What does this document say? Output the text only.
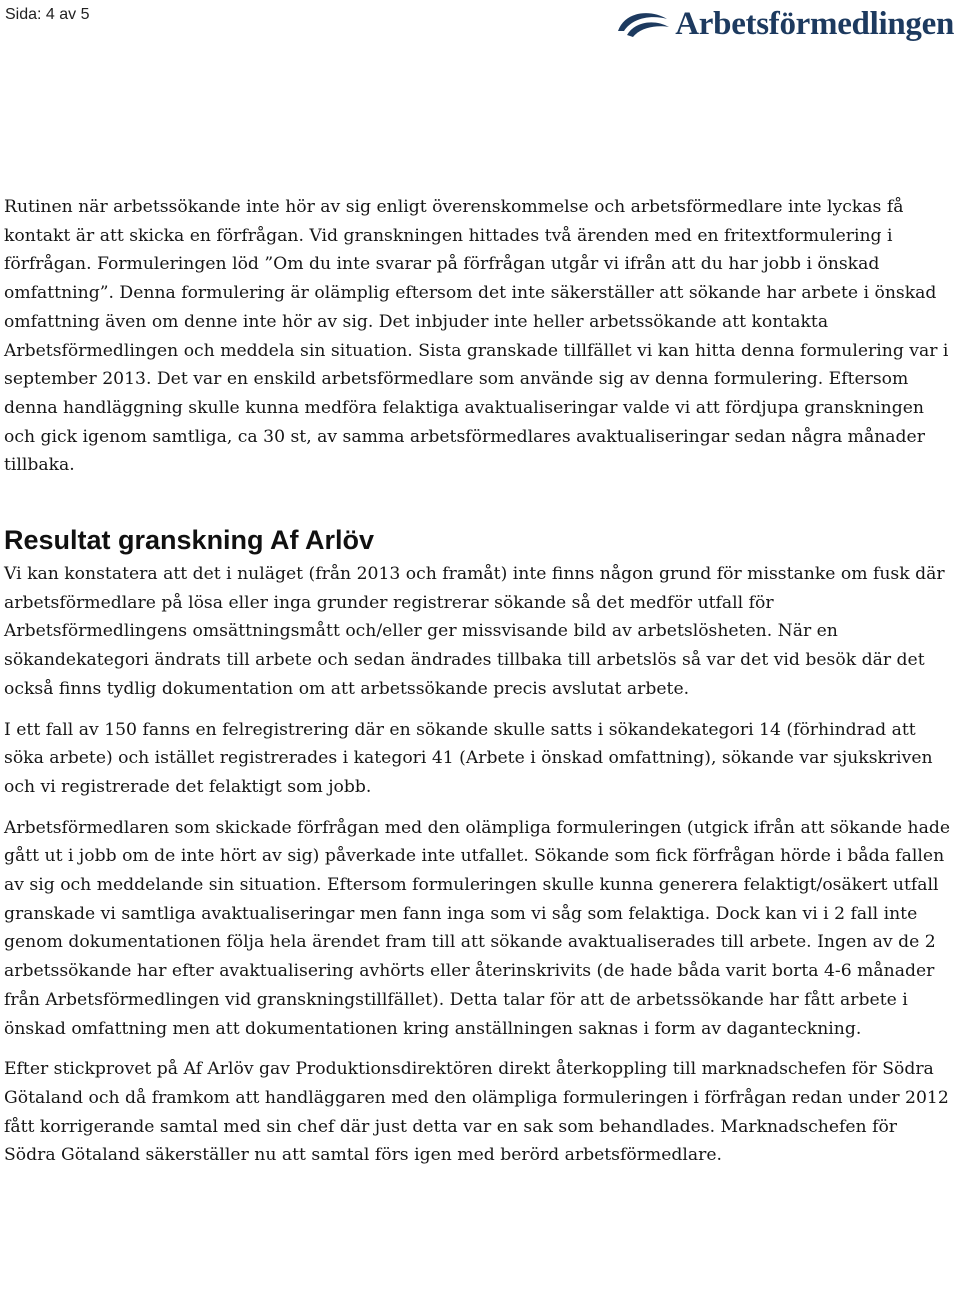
Sida: 4 av 5	Arbetsförmedlingen

Rutinen när arbetssökande inte hör av sig enligt överenskommelse och arbetsförmedlare inte lyckas få kontakt är att skicka en förfrågan. Vid granskningen hittades två ärenden med en fritextformulering i förfrågan. Formuleringen löd ”Om du inte svarar på förfrågan utgår vi ifrån att du har jobb i önskad omfattning”. Denna formulering är olämplig eftersom det inte säkerställer att sökande har arbete i önskad omfattning även om denne inte hör av sig. Det inbjuder inte heller arbetssökande att kontakta Arbetsförmedlingen och meddela sin situation. Sista granskade tillfället vi kan hitta denna formulering var i september 2013. Det var en enskild arbetsförmedlare som använde sig av denna formulering. Eftersom denna handläggning skulle kunna medföra felaktiga avaktualiseringar valde vi att fördjupa granskningen och gick igenom samtliga, ca 30 st, av samma arbetsförmedlares avaktualiseringar sedan några månader tillbaka.

Resultat granskning Af Arlöv

Vi kan konstatera att det i nuläget (från 2013 och framåt) inte finns någon grund för misstanke om fusk där arbetsförmedlare på lösa eller inga grunder registrerar sökande så det medför utfall för Arbetsförmedlingens omsättningsmått och/eller ger missvisande bild av arbetslösheten. När en sökandekategori ändrats till arbete och sedan ändrades tillbaka till arbetslös så var det vid besök där det också finns tydlig dokumentation om att arbetssökande precis avslutat arbete.

I ett fall av 150 fanns en felregistrering där en sökande skulle satts i sökandekategori 14 (förhindrad att söka arbete) och istället registrerades i kategori 41 (Arbete i önskad omfattning), sökande var sjukskriven och vi registrerade det felaktigt som jobb.

Arbetsförmedlaren som skickade förfrågan med den olämpliga formuleringen (utgick ifrån att sökande hade gått ut i jobb om de inte hört av sig) påverkade inte utfallet. Sökande som fick förfrågan hörde i båda fallen av sig och meddelande sin situation. Eftersom formuleringen skulle kunna generera felaktigt/osäkert utfall granskade vi samtliga avaktualiseringar men fann inga som vi såg som felaktiga. Dock kan vi i 2 fall inte genom dokumentationen följa hela ärendet fram till att sökande avaktualiserades till arbete. Ingen av de 2 arbetssökande har efter avaktualisering avhörts eller återinskrivits (de hade båda varit borta 4-6 månader från Arbetsförmedlingen vid granskningstillfället). Detta talar för att de arbetssökande har fått arbete i önskad omfattning men att dokumentationen kring anställningen saknas i form av daganteckning.

Efter stickprovet på Af Arlöv gav Produktionsdirektören direkt återkoppling till marknadschefen för Södra Götaland och då framkom att handläggaren med den olämpliga formuleringen i förfrågan redan under 2012 fått korrigerande samtal med sin chef där just detta var en sak som behandlades. Marknadschefen för Södra Götaland säkerställer nu att samtal förs igen med berörd arbetsförmedlare.
